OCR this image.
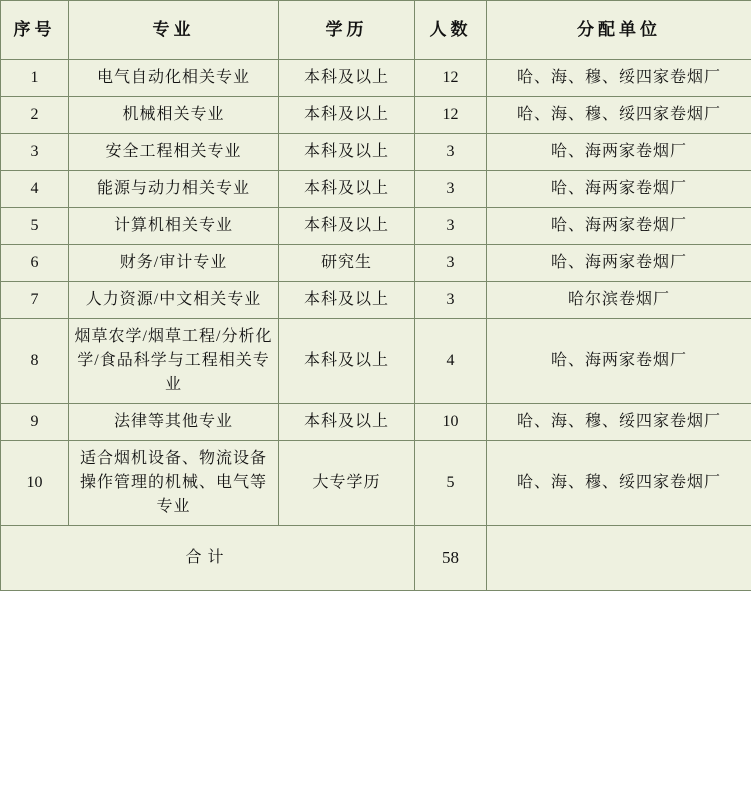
序号	专业	学历	人数	分配单位
1	电气自动化相关专业	本科及以上	12	哈、海、穆、绥四家卷烟厂
2	机械相关专业	本科及以上	12	哈、海、穆、绥四家卷烟厂
3	安全工程相关专业	本科及以上	3	哈、海两家卷烟厂
4	能源与动力相关专业	本科及以上	3	哈、海两家卷烟厂
5	计算机相关专业	本科及以上	3	哈、海两家卷烟厂
6	财务/审计专业	研究生	3	哈、海两家卷烟厂
7	人力资源/中文相关专业	本科及以上	3	哈尔滨卷烟厂
8	烟草农学/烟草工程/分析化学/食品科学与工程相关专业	本科及以上	4	哈、海两家卷烟厂
9	法律等其他专业	本科及以上	10	哈、海、穆、绥四家卷烟厂
10	适合烟机设备、物流设备操作管理的机械、电气等专业	大专学历	5	哈、海、穆、绥四家卷烟厂
合计			58	
